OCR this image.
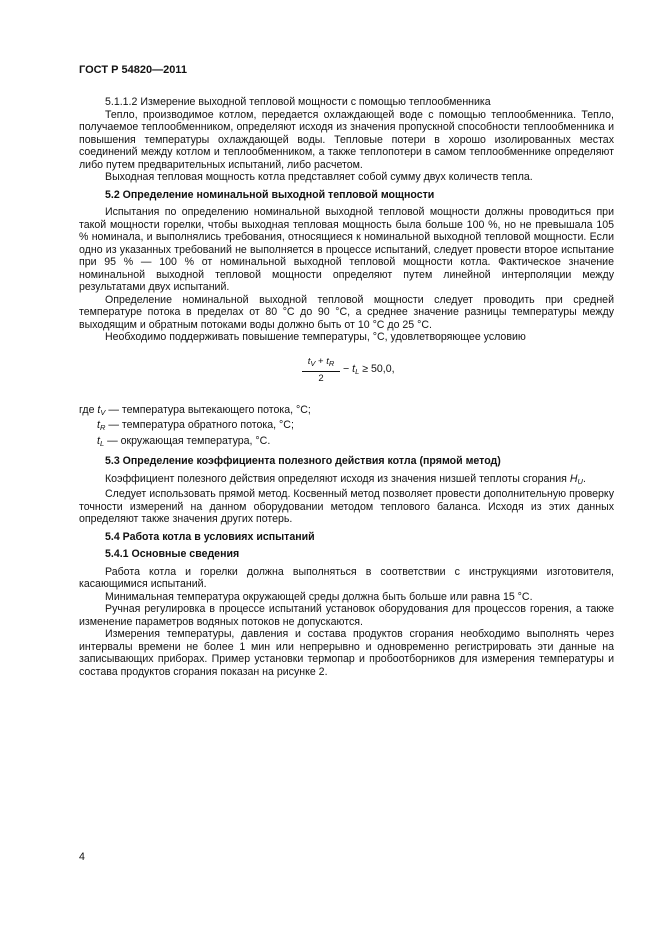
ГОСТ Р 54820—2011

5.1.1.2 Измерение выходной тепловой мощности с помощью теплообменника

Тепло, производимое котлом, передается охлаждающей воде с помощью теплообменника. Тепло, получаемое теплообменником, определяют исходя из значения пропускной способности теплообменника и повышения температуры охлаждающей воды. Тепловые потери в хорошо изолированных местах соединений между котлом и теплообменником, а также теплопотери в самом теплообменнике определяют либо путем предварительных испытаний, либо расчетом.

Выходная тепловая мощность котла представляет собой сумму двух количеств тепла.

5.2 Определение номинальной выходной тепловой мощности

Испытания по определению номинальной выходной тепловой мощности должны проводиться при такой мощности горелки, чтобы выходная тепловая мощность была больше 100 %, но не превышала 105 % номинала, и выполнялись требования, относящиеся к номинальной выходной тепловой мощности. Если одно из указанных требований не выполняется в процессе испытаний, следует провести второе испытание при 95 % — 100 % от номинальной выходной тепловой мощности котла. Фактическое значение номинальной выходной тепловой мощности определяют путем линейной интерполяции между результатами двух испытаний.

Определение номинальной выходной тепловой мощности следует проводить при средней температуре потока в пределах от 80 °С до 90 °С, а среднее значение разницы температуры между выходящим и обратным потоками воды должно быть от 10 °С до 25 °С.

Необходимо поддерживать повышение температуры, °С, удовлетворяющее условию

$\frac{t_V + t_R}{2} - t_L \ge 50,0$,
где $t_V$ — температура вытекающего потока, °С;
$t_R$ — температура обратного потока, °С;
$t_L$ — окружающая температура, °С.
5.3 Определение коэффициента полезного действия котла (прямой метод)

Коэффициент полезного действия определяют исходя из значения низшей теплоты сгорания $H_U$.

Следует использовать прямой метод. Косвенный метод позволяет провести дополнительную проверку точности измерений на данном оборудовании методом теплового баланса. Исходя из этих данных определяют также значения других потерь.

5.4 Работа котла в условиях испытаний
5.4.1 Основные сведения

Работа котла и горелки должна выполняться в соответствии с инструкциями изготовителя, касающимися испытаний.

Минимальная температура окружающей среды должна быть больше или равна 15 °С.

Ручная регулировка в процессе испытаний установок оборудования для процессов горения, а также изменение параметров водяных потоков не допускаются.

Измерения температуры, давления и состава продуктов сгорания необходимо выполнять через интервалы времени не более 1 мин или непрерывно и одновременно регистрировать эти данные на записывающих приборах. Пример установки термопар и пробоотборников для измерения температуры и состава продуктов сгорания показан на рисунке 2.

4
